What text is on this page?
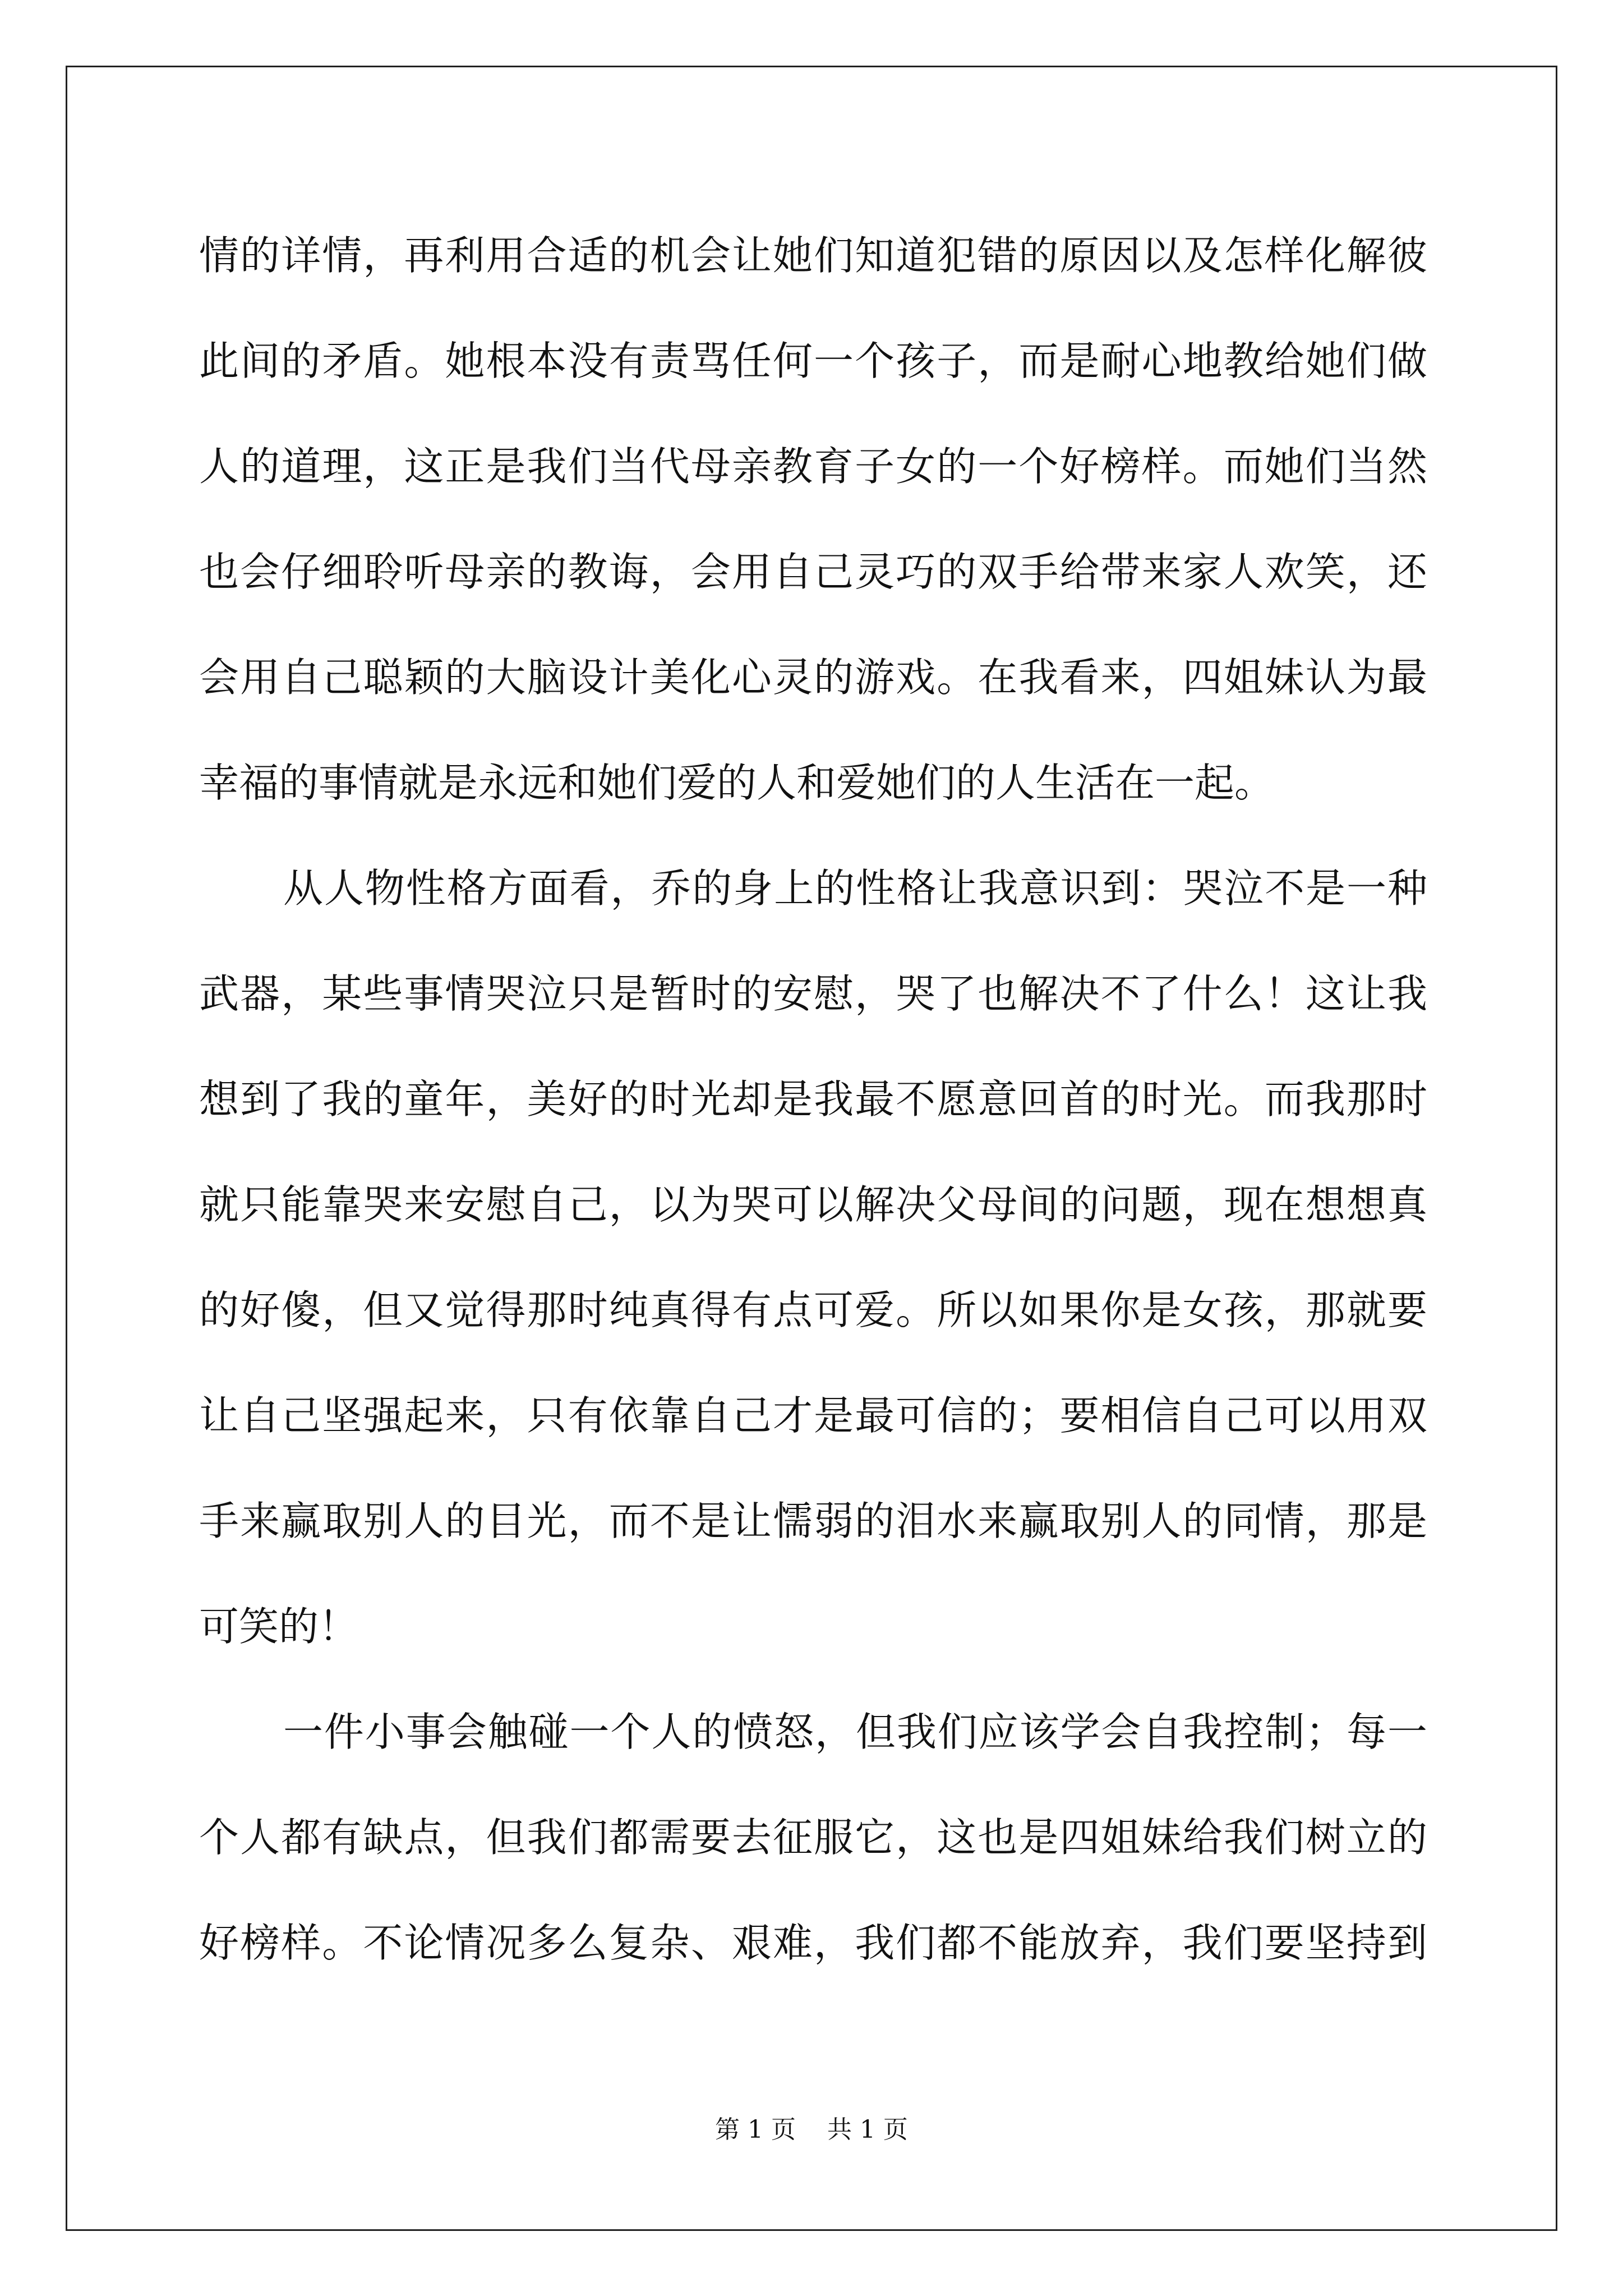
情的详情，再利用合适的机会让她们知道犯错的原因以及怎样化解彼
此间的矛盾。她根本没有责骂任何一个孩子，而是耐心地教给她们做
人的道理，这正是我们当代母亲教育子女的一个好榜样。而她们当然
也会仔细聆听母亲的教诲，会用自己灵巧的双手给带来家人欢笑，还
会用自己聪颖的大脑设计美化心灵的游戏。在我看来，四姐妹认为最
幸福的事情就是永远和她们爱的人和爱她们的人生活在一起。
从人物性格方面看，乔的身上的性格让我意识到：哭泣不是一种
武器，某些事情哭泣只是暂时的安慰，哭了也解决不了什么！这让我
想到了我的童年，美好的时光却是我最不愿意回首的时光。而我那时
就只能靠哭来安慰自己，以为哭可以解决父母间的问题，现在想想真
的好傻，但又觉得那时纯真得有点可爱。所以如果你是女孩，那就要
让自己坚强起来，只有依靠自己才是最可信的；要相信自己可以用双
手来赢取别人的目光，而不是让懦弱的泪水来赢取别人的同情，那是
可笑的！
一件小事会触碰一个人的愤怒，但我们应该学会自我控制；每一
个人都有缺点，但我们都需要去征服它，这也是四姐妹给我们树立的
好榜样。不论情况多么复杂、艰难，我们都不能放弃，我们要坚持到
第 1 页    共 1 页
